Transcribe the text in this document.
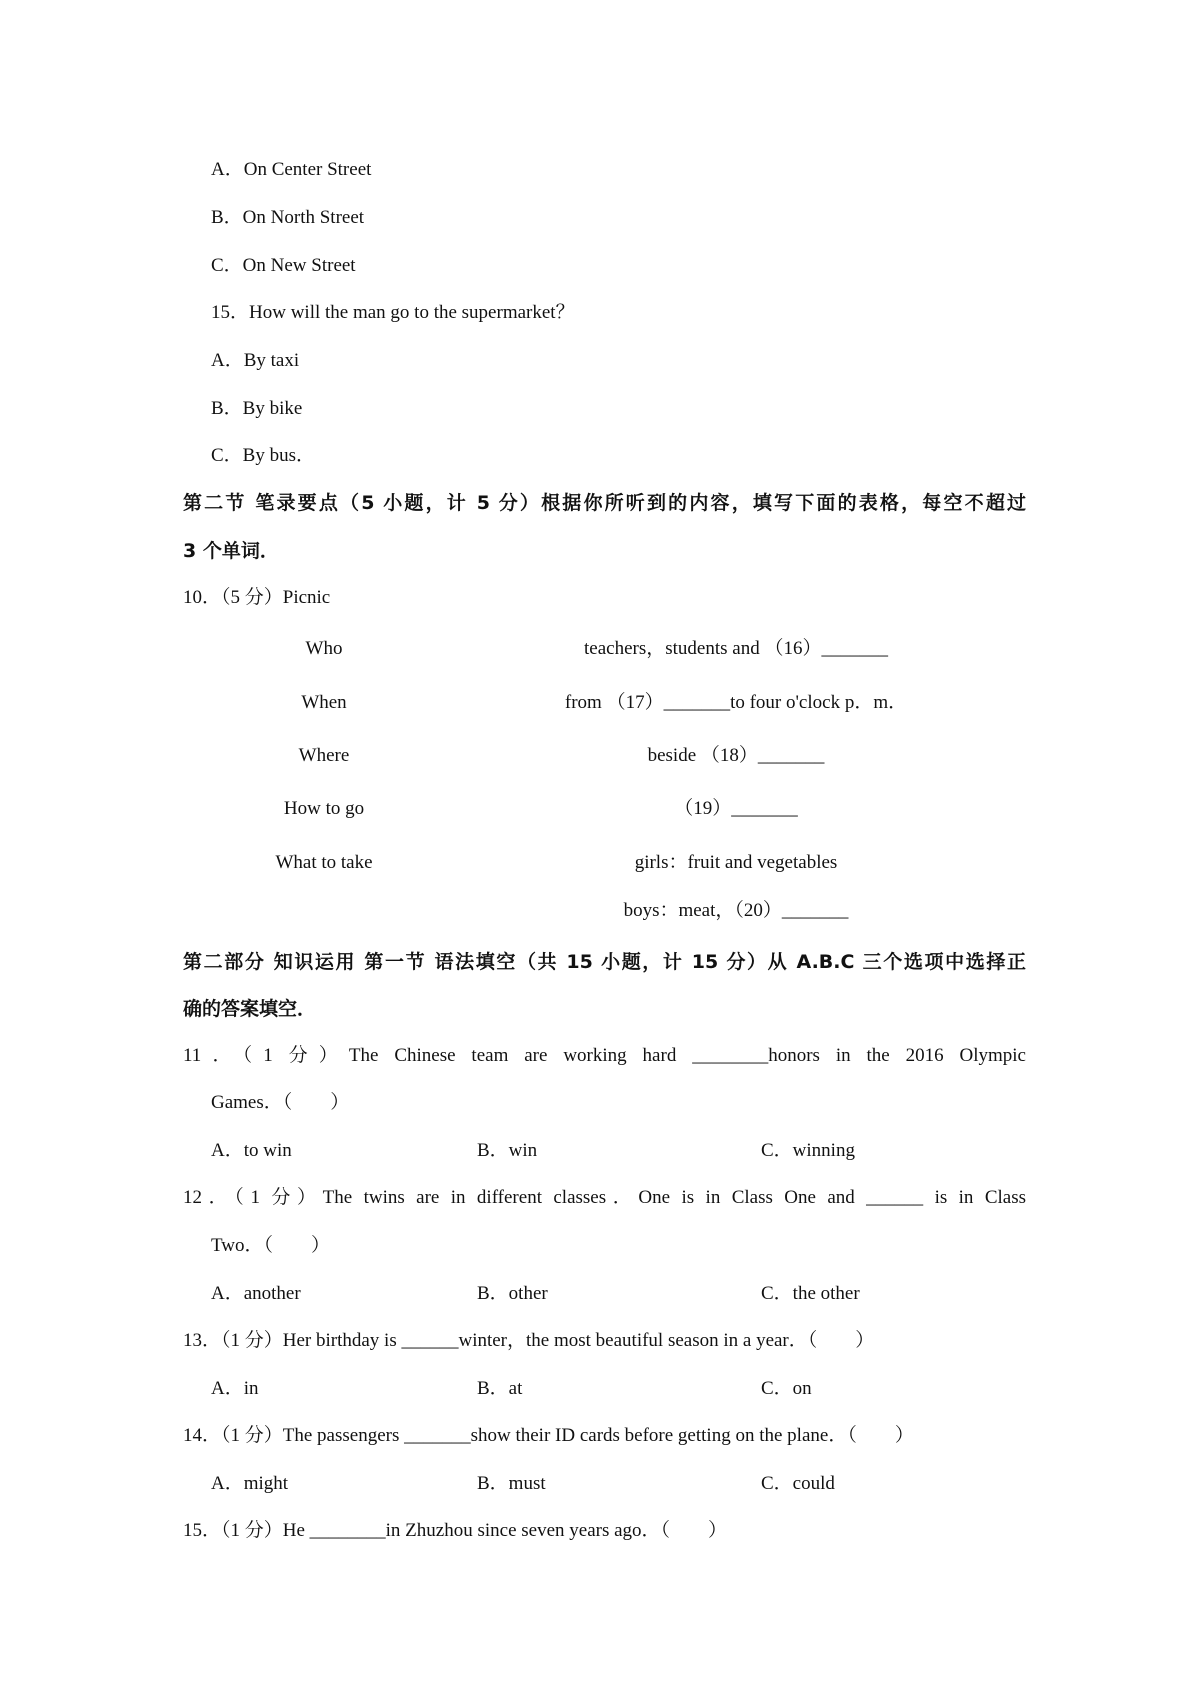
A．On Center Street
B．On North Street
C．On New Street
15．How will the man go to the supermarket？
A．By taxi
B．By bike
C．By bus．
第二节 笔录要点（5 小题，计 5 分）根据你所听到的内容，填写下面的表格，每空不超过
3 个单词．
10．（5 分）Picnic
Who	teachers，students and （16）_______
When	from （17）_______to four o'clock p．m．
Where	beside （18）_______
How to go	（19）_______
What to take	girls：fruit and vegetables
boys：meat，（20）_______
第二部分 知识运用 第一节 语法填空（共 15 小题，计 15 分）从 A.B.C 三个选项中选择正
确的答案填空．
11．（1 分）The Chinese team are working hard ________honors in the 2016 Olympic
Games．（　　）
A．to win	B．win	C．winning
12．（1 分）The twins are in different classes．One is in Class One and ______ is in Class
Two．（　　）
A．another	B．other	C．the other
13．（1 分）Her birthday is ______winter，the most beautiful season in a year．（　　）
A．in	B．at	C．on
14．（1 分）The passengers _______show their ID cards before getting on the plane．（　　）
A．might	B．must	C．could
15．（1 分）He ________in Zhuzhou since seven years ago．（　　）
